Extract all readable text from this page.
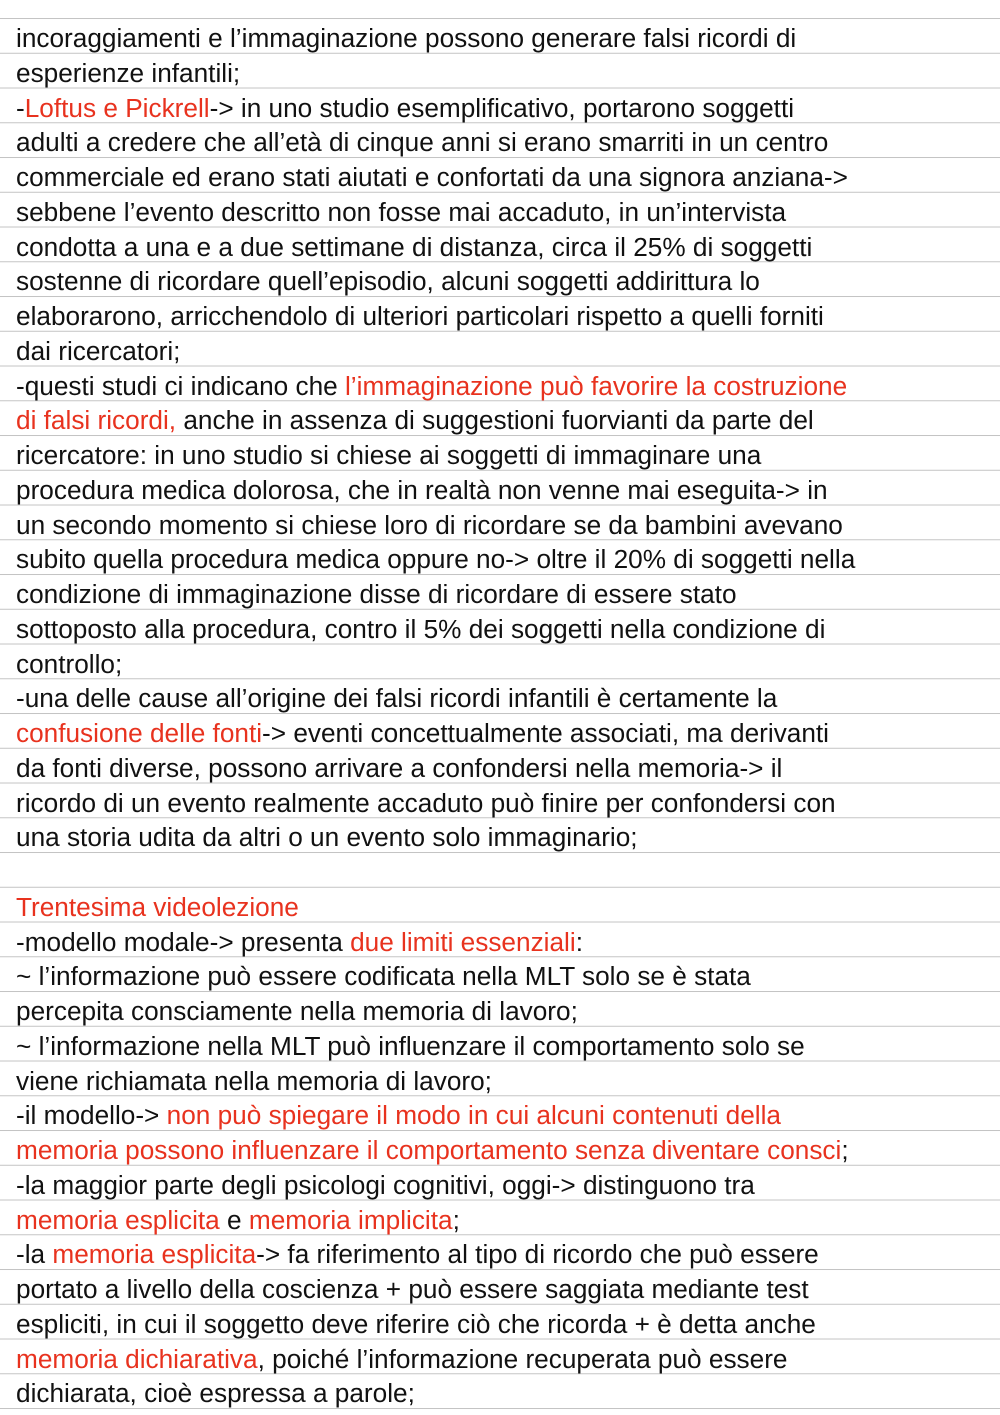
incoraggiamenti e l’immaginazione possono generare falsi ricordi di
esperienze infantili;
-Loftus e Pickrell-> in uno studio esemplificativo, portarono soggetti
adulti a credere che all’età di cinque anni si erano smarriti in un centro
commerciale ed erano stati aiutati e confortati da una signora anziana->
sebbene l’evento descritto non fosse mai accaduto, in un’intervista
condotta a una e a due settimane di distanza, circa il 25% di soggetti
sostenne di ricordare quell’episodio, alcuni soggetti addirittura lo
elaborarono, arricchendolo di ulteriori particolari rispetto a quelli forniti
dai ricercatori;
-questi studi ci indicano che l’immaginazione può favorire la costruzione
di falsi ricordi, anche in assenza di suggestioni fuorvianti da parte del
ricercatore: in uno studio si chiese ai soggetti di immaginare una
procedura medica dolorosa, che in realtà non venne mai eseguita-> in
un secondo momento si chiese loro di ricordare se da bambini avevano
subito quella procedura medica oppure no-> oltre il 20% di soggetti nella
condizione di immaginazione disse di ricordare di essere stato
sottoposto alla procedura, contro il 5% dei soggetti nella condizione di
controllo;
-una delle cause all’origine dei falsi ricordi infantili è certamente la
confusione delle fonti-> eventi concettualmente associati, ma derivanti
da fonti diverse, possono arrivare a confondersi nella memoria-> il
ricordo di un evento realmente accaduto può finire per confondersi con
una storia udita da altri o un evento solo immaginario;
Trentesima videolezione
-modello modale-> presenta due limiti essenziali:
~ l’informazione può essere codificata nella MLT solo se è stata
percepita consciamente nella memoria di lavoro;
~ l’informazione nella MLT può influenzare il comportamento solo se
viene richiamata nella memoria di lavoro;
-il modello-> non può spiegare il modo in cui alcuni contenuti della
memoria possono influenzare il comportamento senza diventare consci;
-la maggior parte degli psicologi cognitivi, oggi-> distinguono tra
memoria esplicita e memoria implicita;
-la memoria esplicita-> fa riferimento al tipo di ricordo che può essere
portato a livello della coscienza + può essere saggiata mediante test
espliciti, in cui il soggetto deve riferire ciò che ricorda + è detta anche
memoria dichiarativa, poiché l’informazione recuperata può essere
dichiarata, cioè espressa a parole;
